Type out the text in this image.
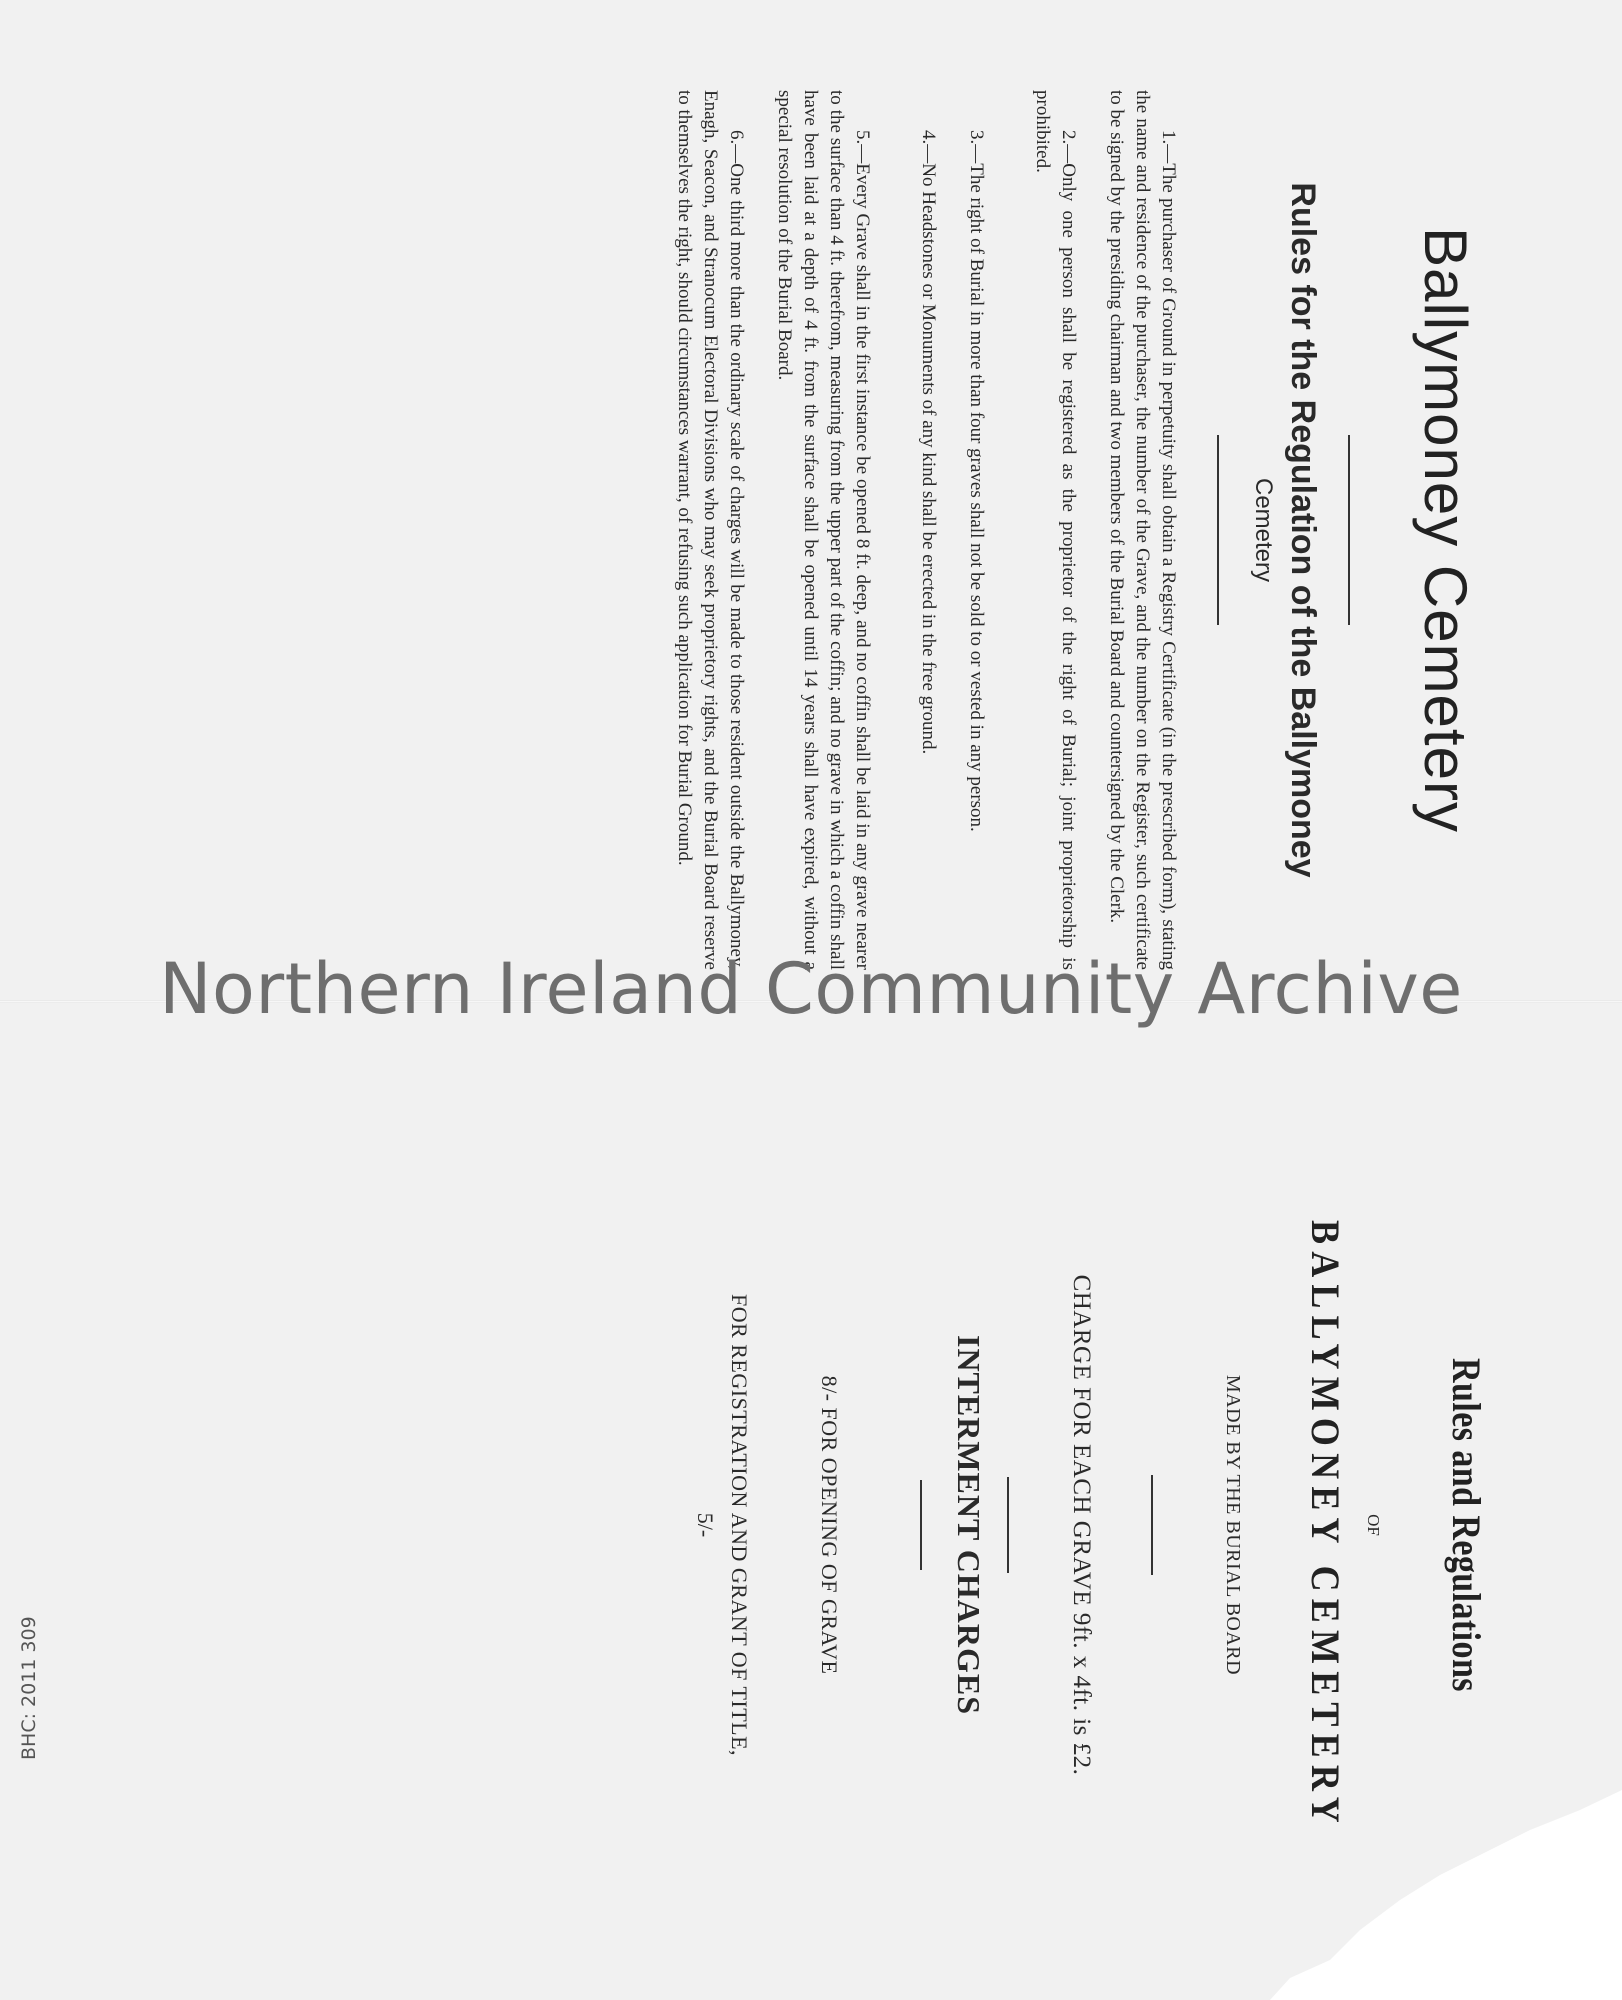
Ballymoney Cemetery
Rules for the Regulation of the Ballymoney
Cemetery

1.—The purchaser of Ground in perpetuity shall obtain a Registry Certificate (in the prescribed form), stating the name and residence of the purchaser, the number of the Grave, and the number on the Register, such certificate to be signed by the presiding chairman and two members of the Burial Board and countersigned by the Clerk.

2.—Only one person shall be registered as the proprietor of the right of Burial; joint proprietorship is prohibited.

3.—The right of Burial in more than four graves shall not be sold to or vested in any person.

4.—No Headstones or Monuments of any kind shall be erected in the free ground.

5.—Every Grave shall in the first instance be opened 8 ft. deep, and no coffin shall be laid in any grave nearer to the surface than 4 ft. therefrom, measuring from the upper part of the coffin; and no grave in which a coffin shall have been laid at a depth of 4 ft. from the surface shall be opened until 14 years shall have expired, without a special resolution of the Burial Board.

6.—One third more than the ordinary scale of charges will be made to those resident outside the Ballymoney, Enagh, Seacon, and Stranocum Electoral Divisions who may seek proprietory rights, and the Burial Board reserve to themselves the right, should circumstances warrant, of refusing such application for Burial Ground.

Rules and Regulations
OF
BALLYMONEY CEMETERY
MADE BY THE BURIAL BOARD
CHARGE FOR EACH GRAVE 9ft. x 4ft. is £2.
INTERMENT CHARGES
8/- FOR OPENING OF GRAVE
FOR REGISTRATION AND GRANT OF TITLE,
5/-
Northern Ireland Community Archive
BHC: 2011 309
